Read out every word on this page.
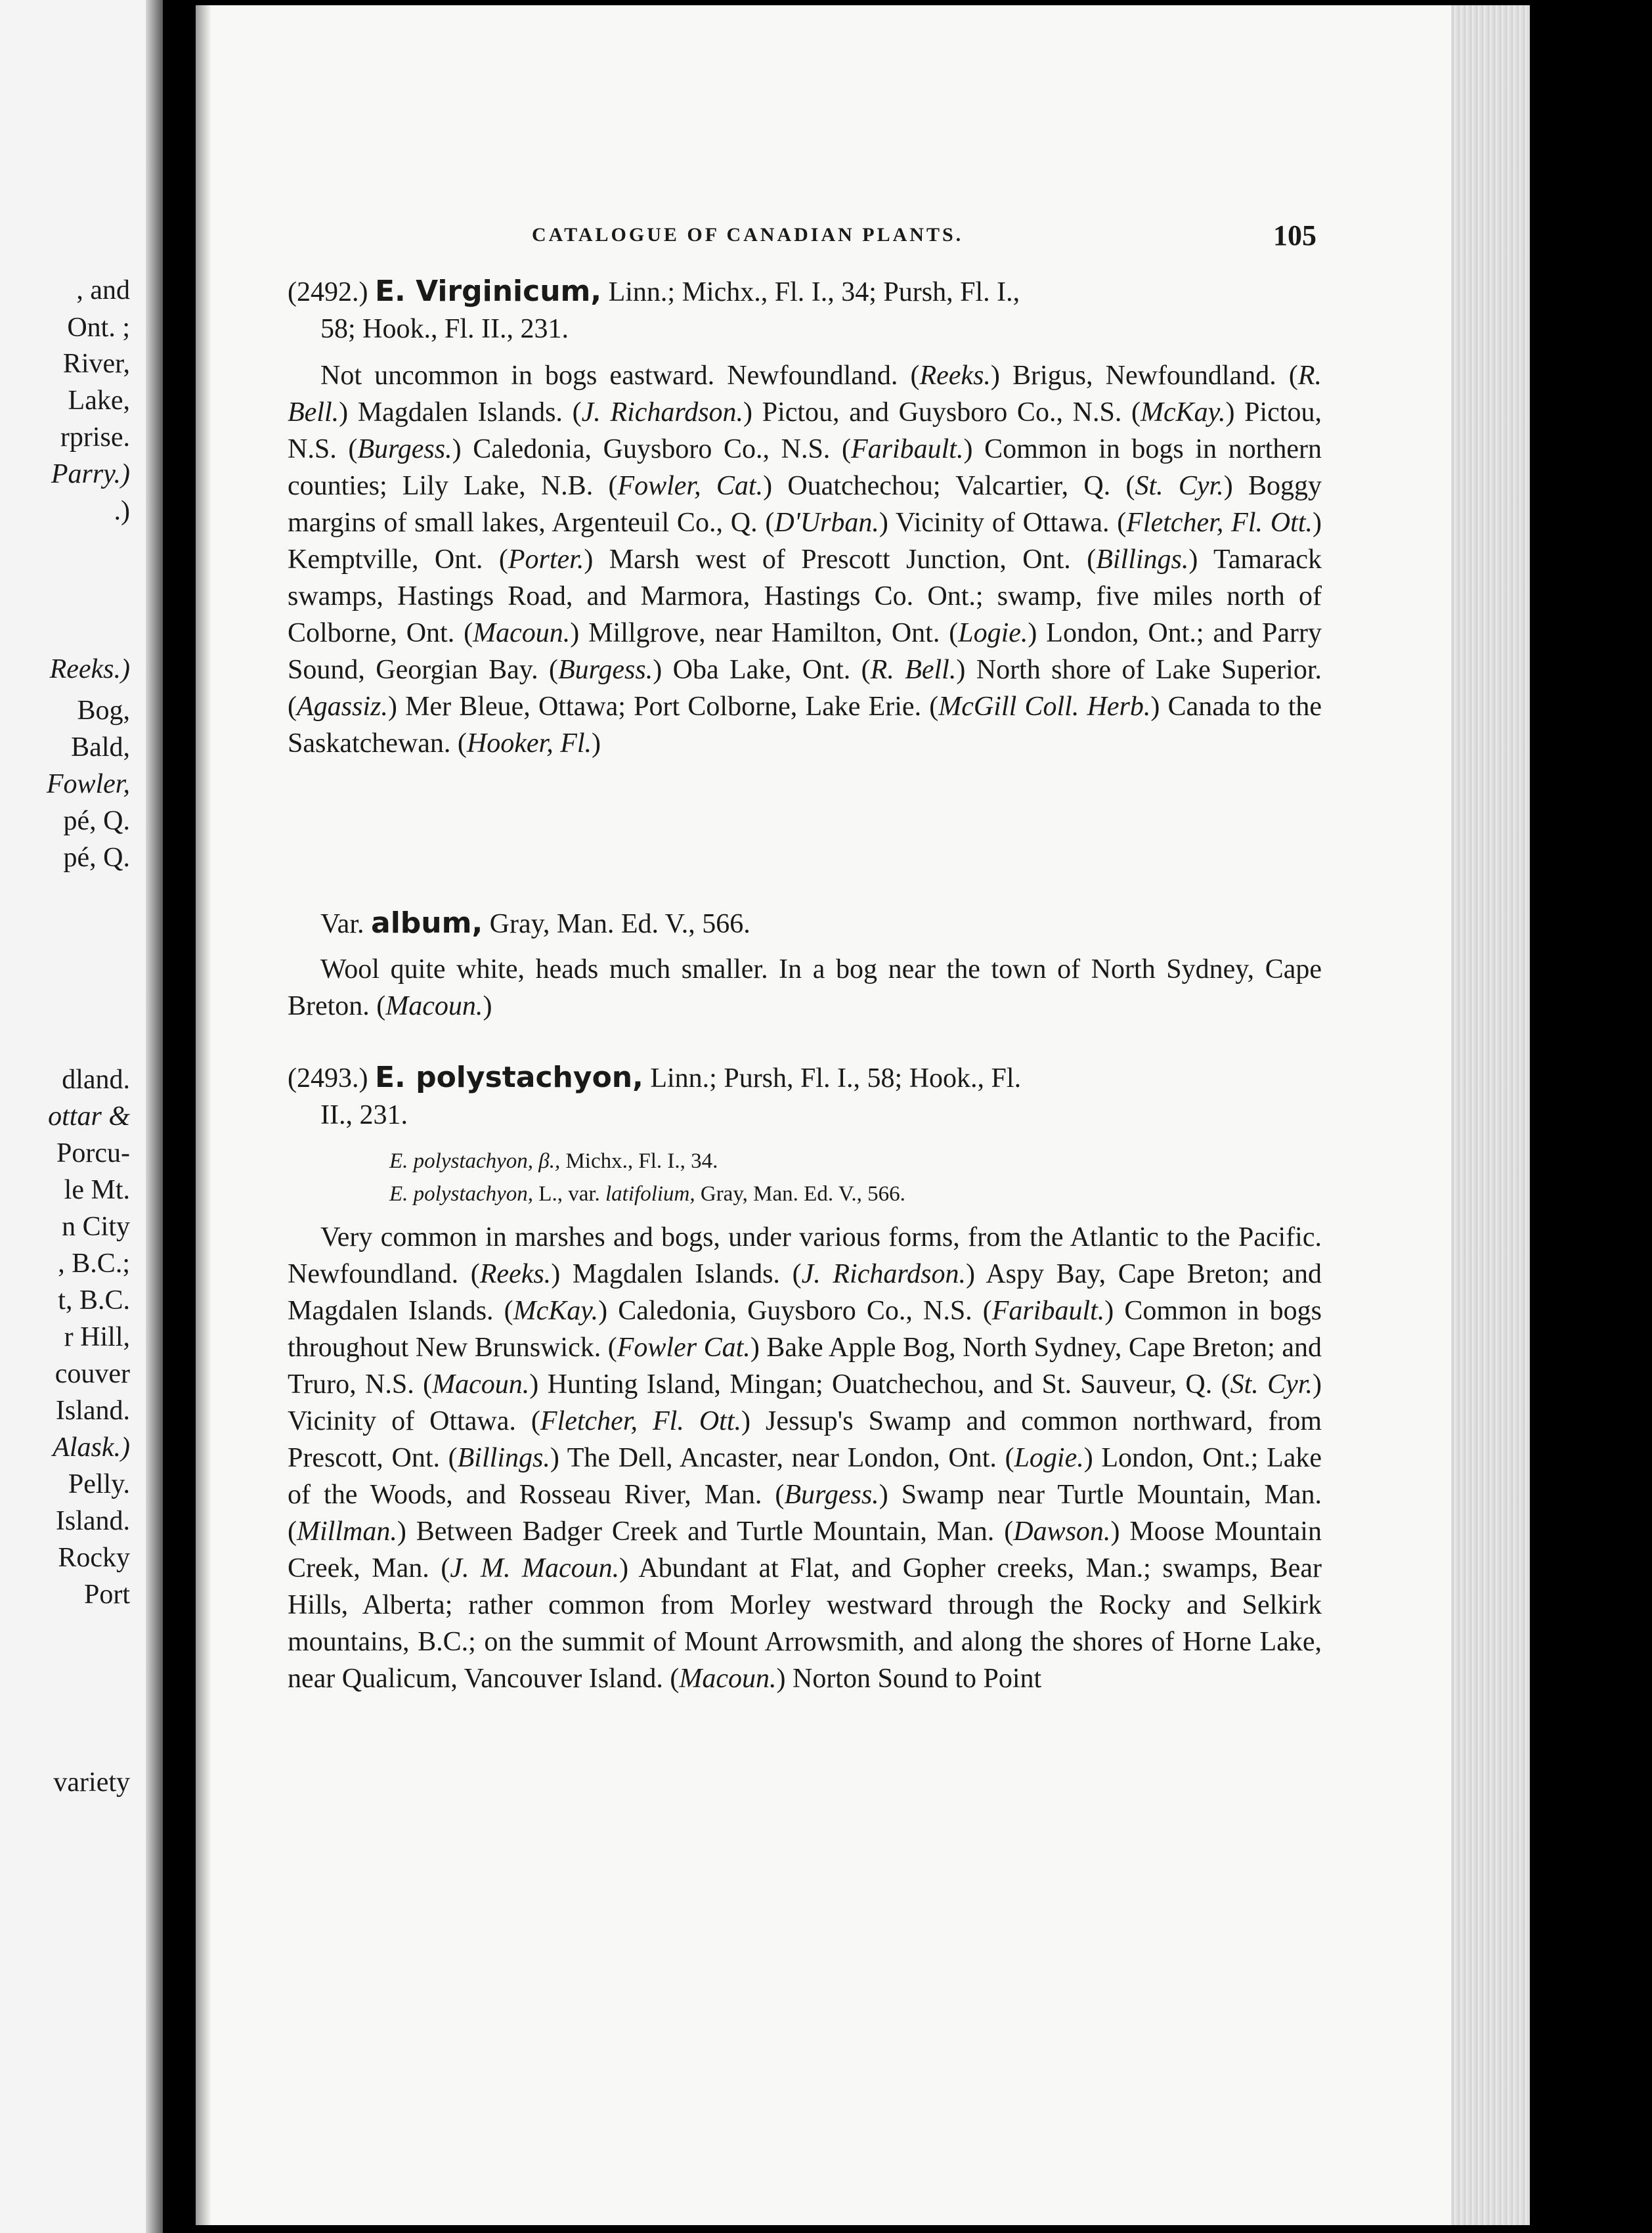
, and
Ont. ;
River,
Lake,
rprise.
Parry.)
.)
Reeks.)
Bog,
Bald,
Fowler,
pé, Q.
pé, Q.
dland.
ottar &
Porcu-
le Mt.
n City
, B.C.;
t, B.C.
r Hill,
couver
Island.
Alask.)
Pelly.
Island.
Rocky
Port
variety
CATALOGUE OF CANADIAN PLANTS.	105
(2492.) E. Virginicum, Linn.; Michx., Fl. I., 34; Pursh, Fl. I.,
58; Hook., Fl. II., 231.

Not uncommon in bogs eastward. Newfoundland. (Reeks.) Brigus, Newfoundland. (R. Bell.) Magdalen Islands. (J. Richardson.) Pictou, and Guysboro Co., N.S. (McKay.) Pictou, N.S. (Burgess.) Caledonia, Guysboro Co., N.S. (Faribault.) Common in bogs in northern counties; Lily Lake, N.B. (Fowler, Cat.) Ouatchechou; Valcartier, Q. (St. Cyr.) Boggy margins of small lakes, Argenteuil Co., Q. (D'Urban.) Vicinity of Ottawa. (Fletcher, Fl. Ott.) Kemptville, Ont. (Porter.) Marsh west of Prescott Junction, Ont. (Billings.) Tamarack swamps, Hastings Road, and Marmora, Hastings Co. Ont.; swamp, five miles north of Colborne, Ont. (Macoun.) Millgrove, near Hamilton, Ont. (Logie.) London, Ont.; and Parry Sound, Georgian Bay. (Burgess.) Oba Lake, Ont. (R. Bell.) North shore of Lake Superior. (Agassiz.) Mer Bleue, Ottawa; Port Colborne, Lake Erie. (McGill Coll. Herb.) Canada to the Saskatchewan. (Hooker, Fl.)

Var. album, Gray, Man. Ed. V., 566.

Wool quite white, heads much smaller. In a bog near the town of North Sydney, Cape Breton. (Macoun.)

(2493.) E. polystachyon, Linn.; Pursh, Fl. I., 58; Hook., Fl.
II., 231.
E. polystachyon, β., Michx., Fl. I., 34.
E. polystachyon, L., var. latifolium, Gray, Man. Ed. V., 566.

Very common in marshes and bogs, under various forms, from the Atlantic to the Pacific. Newfoundland. (Reeks.) Magdalen Islands. (J. Richardson.) Aspy Bay, Cape Breton; and Magdalen Islands. (McKay.) Caledonia, Guysboro Co., N.S. (Faribault.) Common in bogs throughout New Brunswick. (Fowler Cat.) Bake Apple Bog, North Sydney, Cape Breton; and Truro, N.S. (Macoun.) Hunting Island, Mingan; Ouatchechou, and St. Sauveur, Q. (St. Cyr.) Vicinity of Ottawa. (Fletcher, Fl. Ott.) Jessup's Swamp and common northward, from Prescott, Ont. (Billings.) The Dell, Ancaster, near London, Ont. (Logie.) London, Ont.; Lake of the Woods, and Rosseau River, Man. (Burgess.) Swamp near Turtle Mountain, Man. (Millman.) Between Badger Creek and Turtle Mountain, Man. (Dawson.) Moose Mountain Creek, Man. (J. M. Macoun.) Abundant at Flat, and Gopher creeks, Man.; swamps, Bear Hills, Alberta; rather common from Morley westward through the Rocky and Selkirk mountains, B.C.; on the summit of Mount Arrowsmith, and along the shores of Horne Lake, near Qualicum, Vancouver Island. (Macoun.) Norton Sound to Point
